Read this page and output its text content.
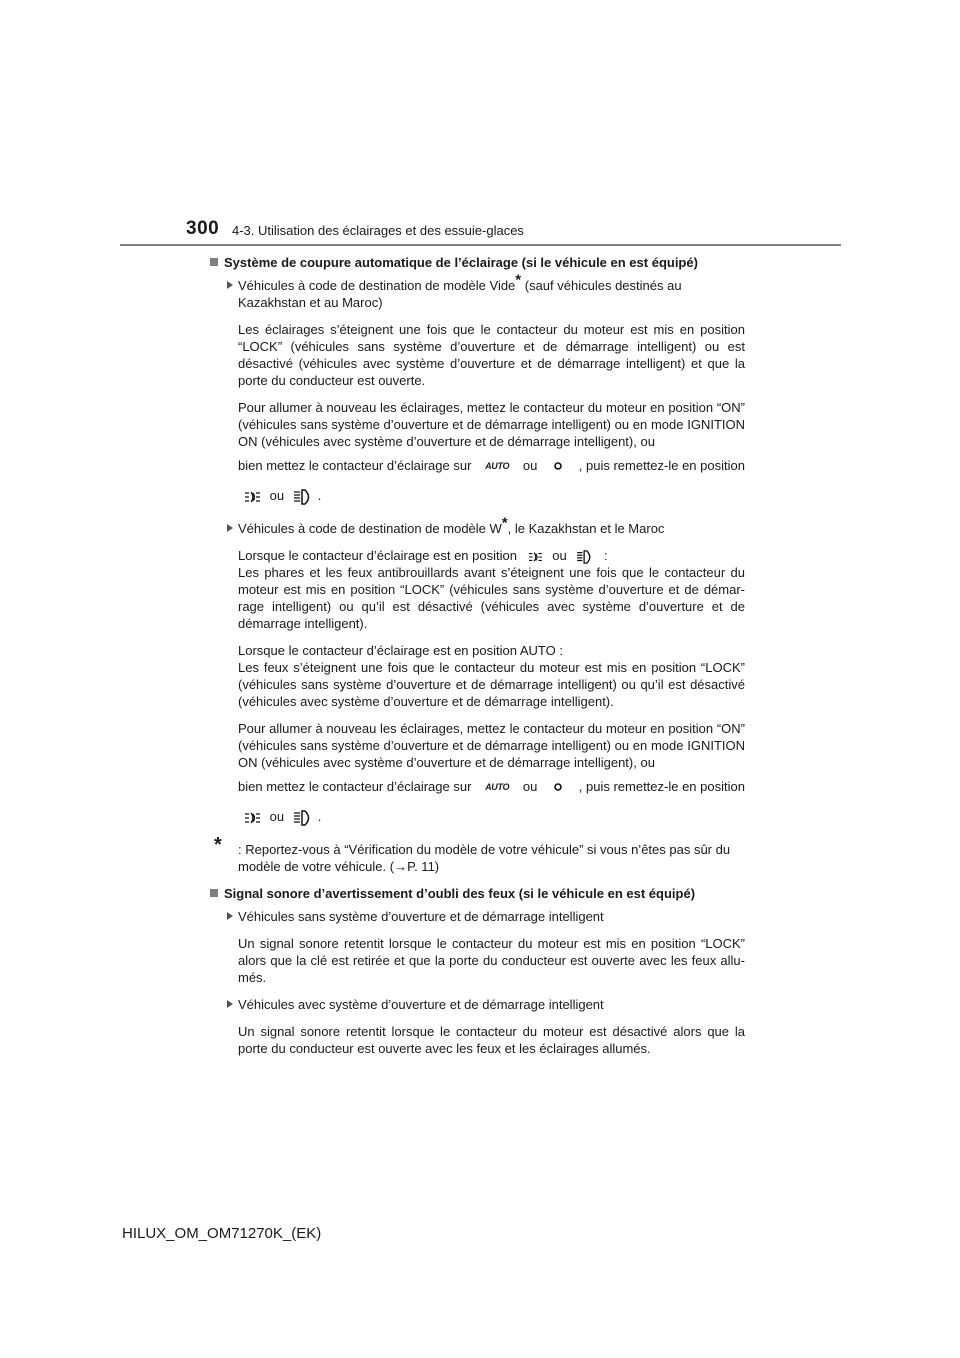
300 4-3. Utilisation des éclairages et des essuie-glaces
Système de coupure automatique de l’éclairage (si le véhicule en est équipé)
Véhicules à code de destination de modèle Vide* (sauf véhicules destinés au Kazakhstan et au Maroc)

Les éclairages s’éteignent une fois que le contacteur du moteur est mis en position “LOCK” (véhicules sans système d’ouverture et de démarrage intelligent) ou est désactivé (véhicules avec système d’ouverture et de démarrage intelligent) et que la porte du conducteur est ouverte.

Pour allumer à nouveau les éclairages, mettez le contacteur du moteur en position “ON” (véhicules sans système d’ouverture et de démarrage intelligent) ou en mode IGNITION ON (véhicules avec système d’ouverture et de démarrage intelligent), ou

bien mettez le contacteur d’éclairage sur AUTO ou	, puis remettez-le en position

ou	.

Véhicules à code de destination de modèle W*, le Kazakhstan et le Maroc

Lorsque le contacteur d’éclairage est en position	ou	:
Les phares et les feux antibrouillards avant s’éteignent une fois que le contacteur du moteur est mis en position “LOCK” (véhicules sans système d’ouverture et de démar-rage intelligent) ou qu’il est désactivé (véhicules avec système d’ouverture et de démarrage intelligent).

Lorsque le contacteur d’éclairage est en position AUTO :
Les feux s’éteignent une fois que le contacteur du moteur est mis en position “LOCK” (véhicules sans système d’ouverture et de démarrage intelligent) ou qu’il est désactivé (véhicules avec système d’ouverture et de démarrage intelligent).

Pour allumer à nouveau les éclairages, mettez le contacteur du moteur en position “ON” (véhicules sans système d’ouverture et de démarrage intelligent) ou en mode IGNITION ON (véhicules avec système d’ouverture et de démarrage intelligent), ou

bien mettez le contacteur d’éclairage sur AUTO ou	, puis remettez-le en position

ou	.

* : Reportez-vous à “Vérification du modèle de votre véhicule” si vous n’êtes pas sûr du modèle de votre véhicule. (→P. 11)
Signal sonore d’avertissement d’oubli des feux (si le véhicule en est équipé)
Véhicules sans système d’ouverture et de démarrage intelligent

Un signal sonore retentit lorsque le contacteur du moteur est mis en position “LOCK” alors que la clé est retirée et que la porte du conducteur est ouverte avec les feux allu-més.

Véhicules avec système d’ouverture et de démarrage intelligent

Un signal sonore retentit lorsque le contacteur du moteur est désactivé alors que la porte du conducteur est ouverte avec les feux et les éclairages allumés.

HILUX_OM_OM71270K_(EK)
